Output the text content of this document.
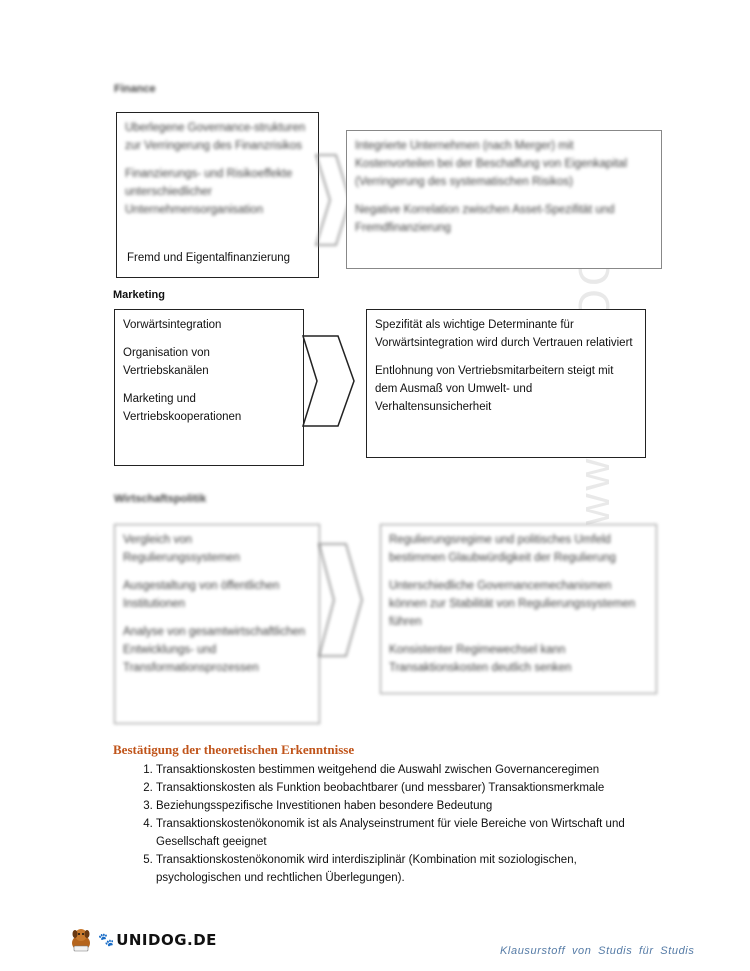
Finance

Überlegene Governance-strukturen zur Verringerung des Finanzrisikos

Finanzierungs- und Risikoeffekte unterschiedlicher Unternehmensorganisation

Fremd und Eigentalfinanzierung

Integrierte Unternehmen (nach Merger) mit Kostenvorteilen bei der Beschaffung von Eigenkapital (Verringerung des systematischen Risikos)

Negative Korrelation zwischen Asset-Spezifität und Fremdfinanzierung

Marketing

Vorwärtsintegration

Organisation von Vertriebskanälen

Marketing und Vertriebskooperationen

Spezifität als wichtige Determinante für Vorwärtsintegration wird durch Vertrauen relativiert

Entlohnung von Vertriebsmitarbeitern steigt mit dem Ausmaß von Umwelt- und Verhaltensunsicherheit

Wirtschaftspolitik

Vergleich von Regulierungssystemen

Ausgestaltung von öffentlichen Institutionen

Analyse von gesamtwirtschaftlichen Entwicklungs- und Transformationsprozessen

Regulierungsregime und politisches Umfeld bestimmen Glaubwürdigkeit der Regulierung

Unterschiedliche Governancemechanismen können zur Stabilität von Regulierungssystemen führen

Konsistenter Regimewechsel kann Transaktionskosten deutlich senken

Bestätigung der theoretischen Erkenntnisse
1. Transaktionskosten bestimmen weitgehend die Auswahl zwischen Governanceregimen
2. Transaktionskosten als Funktion beobachtbarer (und messbarer) Transaktionsmerkmale
3. Beziehungsspezifische Investitionen haben besondere Bedeutung
4. Transaktionskostenökonomik ist als Analyseinstrument für viele Bereiche von Wirtschaft und Gesellschaft geeignet
5. Transaktionskostenökonomik wird interdisziplinär (Kombination mit soziologischen, psychologischen und rechtlichen Überlegungen).
🐾 UNIDOG.DE
Klausurstoff von Studis für Studis
